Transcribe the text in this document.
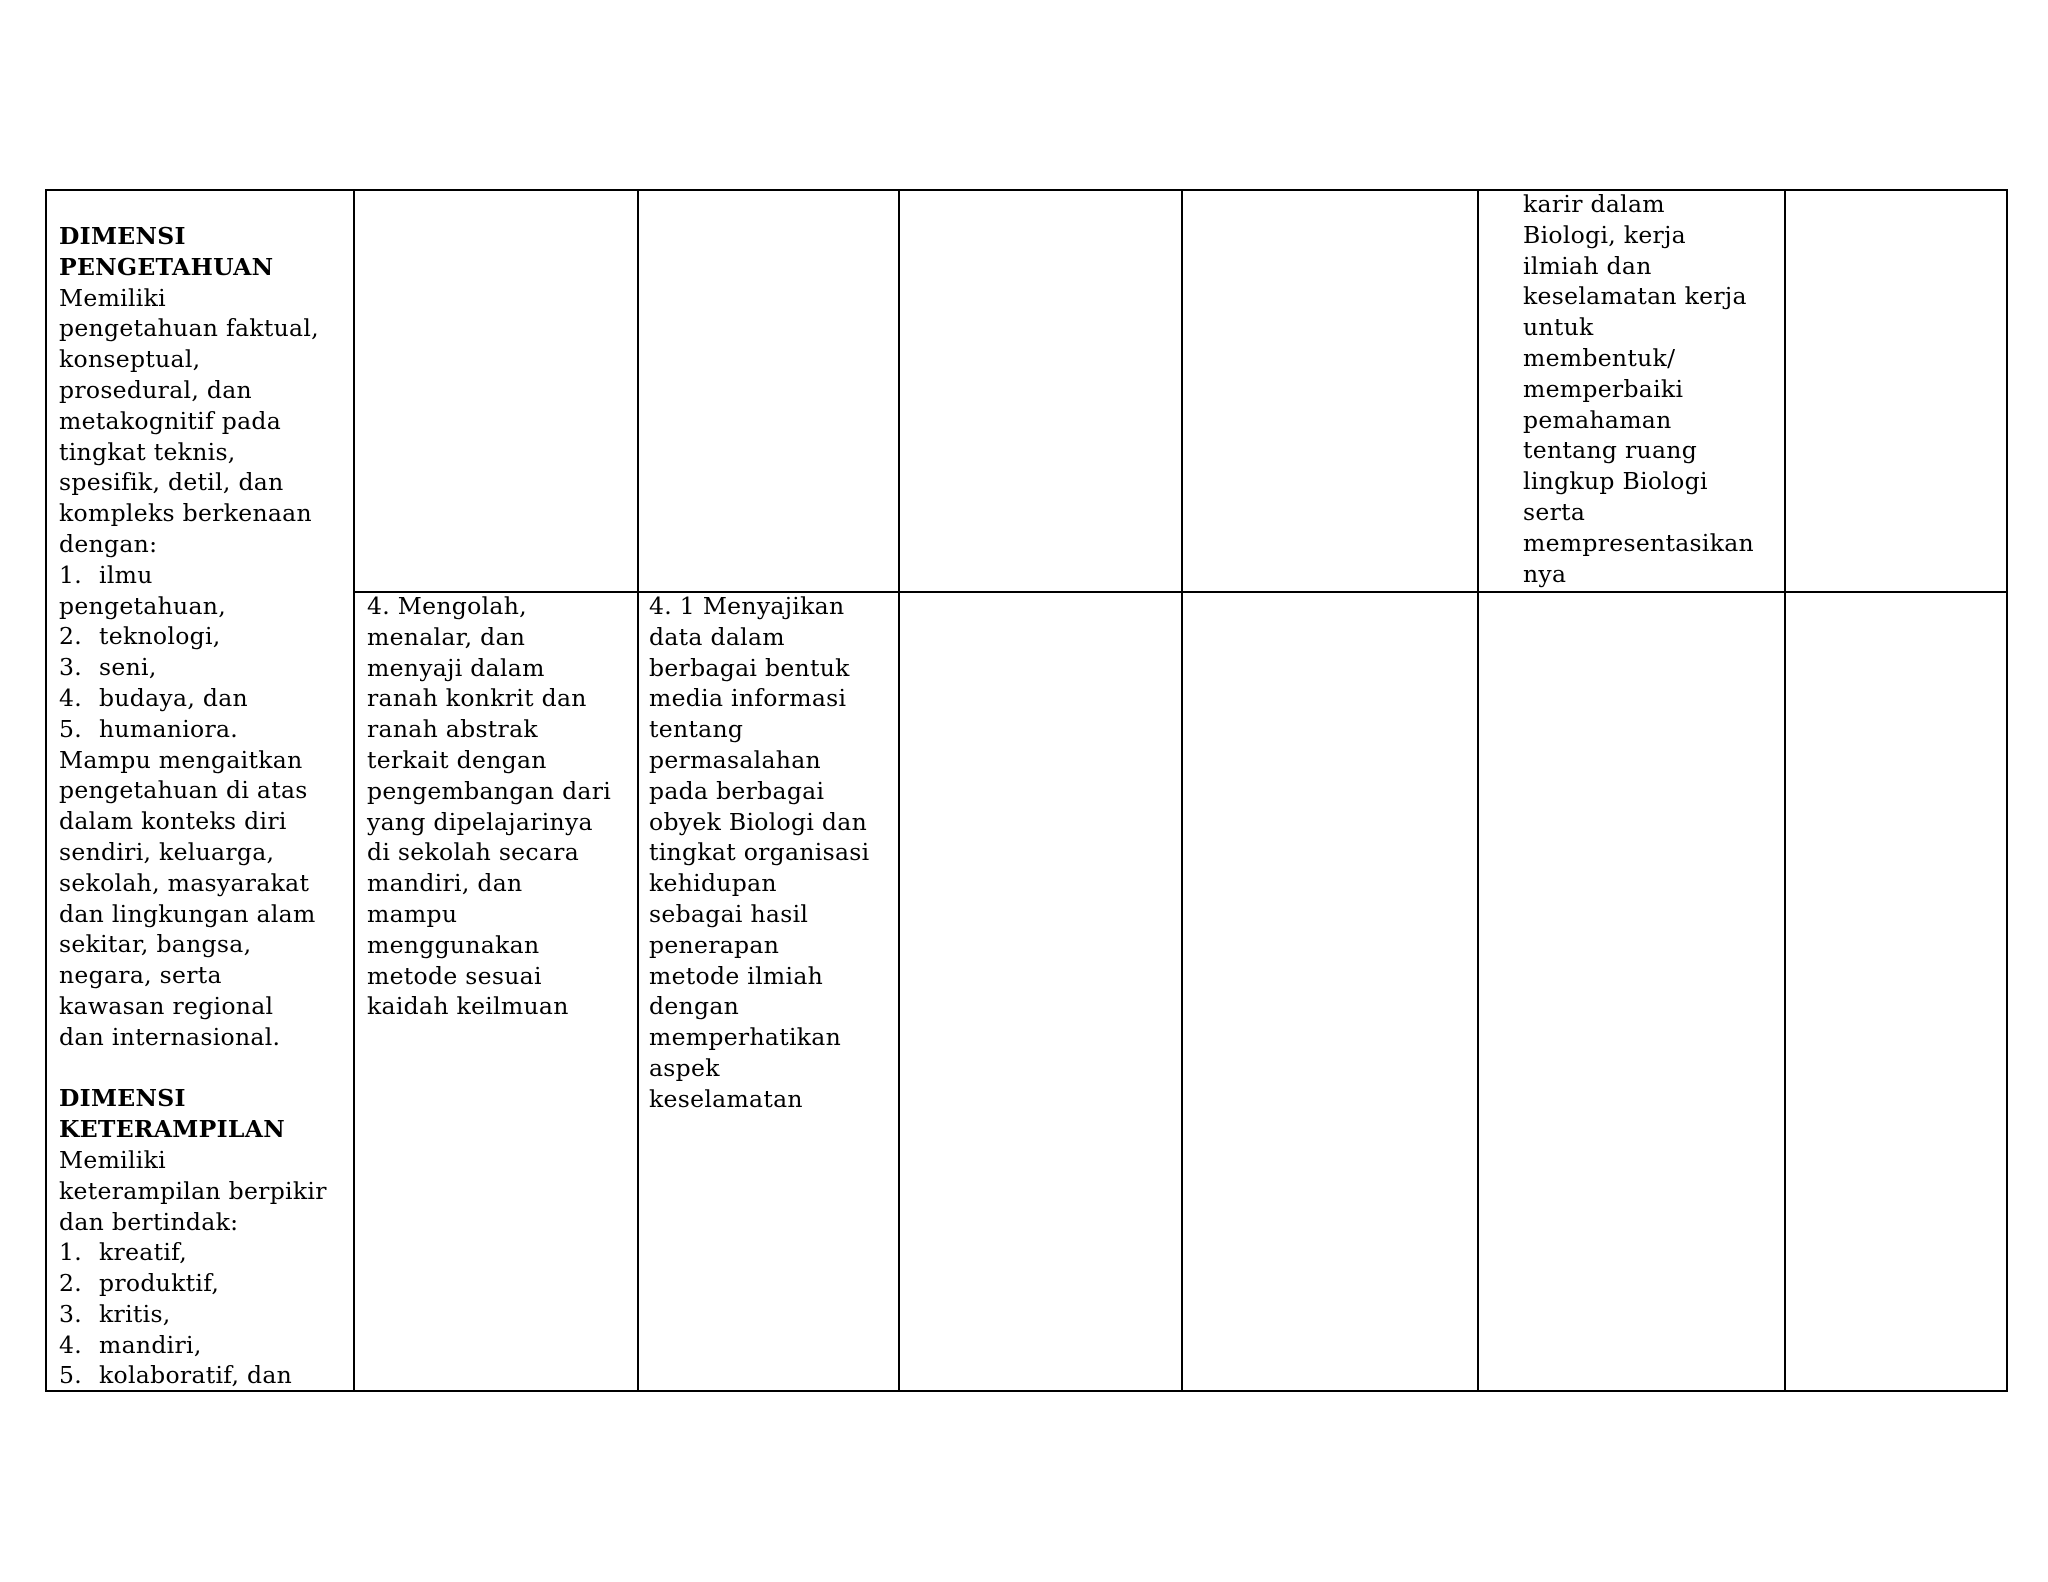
DIMENSI
PENGETAHUAN
Memiliki
pengetahuan faktual,
konseptual,
prosedural, dan
metakognitif pada
tingkat teknis,
spesifik, detil, dan
kompleks berkenaan
dengan:
1. ilmu
pengetahuan,
2. teknologi,
3. seni,
4. budaya, dan
5. humaniora.
Mampu mengaitkan
pengetahuan di atas
dalam konteks diri
sendiri, keluarga,
sekolah, masyarakat
dan lingkungan alam
sekitar, bangsa,
negara, serta
kawasan regional
dan internasional.
DIMENSI
KETERAMPILAN
Memiliki
keterampilan berpikir
dan bertindak:
1. kreatif,
2. produktif,
3. kritis,
4. mandiri,
5. kolaboratif, dan
karir dalam
Biologi, kerja
ilmiah dan
keselamatan kerja
untuk
membentuk/
memperbaiki
pemahaman
tentang ruang
lingkup Biologi
serta
mempresentasikan
nya
4. Mengolah,
menalar, dan
menyaji dalam
ranah konkrit dan
ranah abstrak
terkait dengan
pengembangan dari
yang dipelajarinya
di sekolah secara
mandiri, dan
mampu
menggunakan
metode sesuai
kaidah keilmuan
4. 1 Menyajikan
data dalam
berbagai bentuk
media informasi
tentang
permasalahan
pada berbagai
obyek Biologi dan
tingkat organisasi
kehidupan
sebagai hasil
penerapan
metode ilmiah
dengan
memperhatikan
aspek
keselamatan
